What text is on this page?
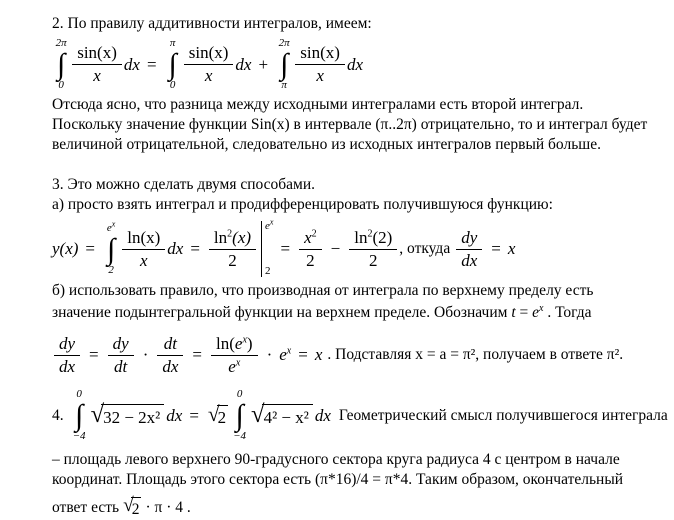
2. По правилу аддитивности интегралов, имеем:

2π
∫
$0 \frac{\sin(x)}{x}$ dx =
π
∫
$0 \frac{\sin(x)}{x}$ dx +
2π
∫
π $\frac{\sin(x)}{x}$ dx

Отсюда ясно, что разница между исходными интегралами есть второй интеграл.

Поскольку значение функции Sin(x) в интервале (π..2π) отрицательно, то и интеграл будет величиной отрицательной, следовательно из исходных интегралов первый больше.

3. Это можно сделать двумя способами.

а) просто взять интеграл и продифференцировать получившуюся функцию:

y(x) =
$e^x$
∫
$2 \frac{\ln(x)}{x}$ dx = $\frac{\ln^2(x)}{2}$
$e^x$
2
= $\frac{x^2}{2} - \frac{\ln^2(2)}{2}$ , откуда $\frac{dy}{dx} = x$

б) использовать правило, что производная от интеграла по верхнему пределу есть

значение подынтегральной функции на верхнем пределе. Обозначим $t = e^x$ . Тогда

$\frac{dy}{dx} = \frac{dy}{dt} \cdot \frac{dt}{dx} = \frac{\ln(e^x)}{e^x} \cdot e^x = x$ . Подставляя x = a = π², получаем в ответе π².
4.
0
∫
−4
√ 32 − 2x² dx = √
2
0
∫
−4
√ 4² − x² dx Геометрический смысл получившегося интеграла

– площадь левого верхнего 90-градусного сектора круга радиуса 4 с центром в начале координат. Площадь этого сектора есть (π*16)/4 = π*4. Таким образом, окончательный

ответ есть √
2 · π · 4 .
